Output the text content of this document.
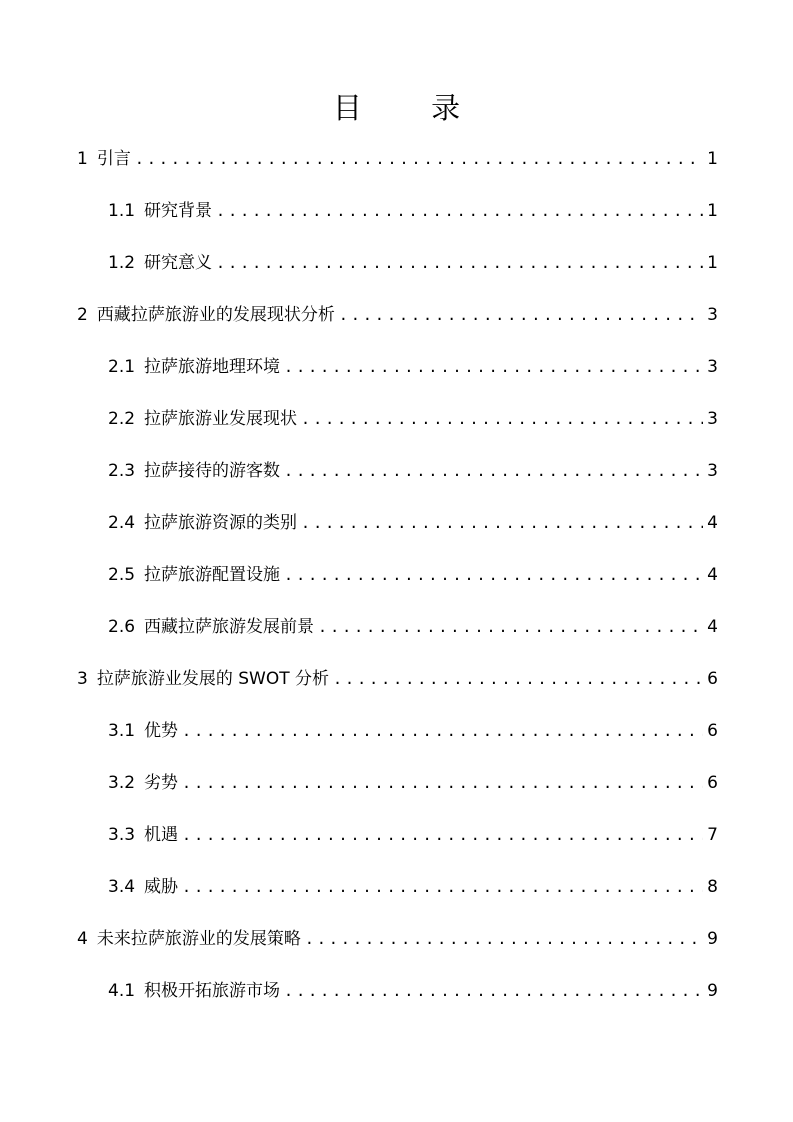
目 录
1 引言 .....	1
1.1 研究背景 .....	1
1.2 研究意义 .....	1
2 西藏拉萨旅游业的发展现状分析 .....	3
2.1 拉萨旅游地理环境 .....	3
2.2 拉萨旅游业发展现状 .....	3
2.3 拉萨接待的游客数 .....	3
2.4 拉萨旅游资源的类别 .....	4
2.5 拉萨旅游配置设施 .....	4
2.6 西藏拉萨旅游发展前景 .....	4
3 拉萨旅游业发展的 SWOT 分析 .....	6
3.1 优势 .....	6
3.2 劣势 .....	6
3.3 机遇 .....	7
3.4 威胁 .....	8
4 未来拉萨旅游业的发展策略 .....	9
4.1 积极开拓旅游市场 .....	9
